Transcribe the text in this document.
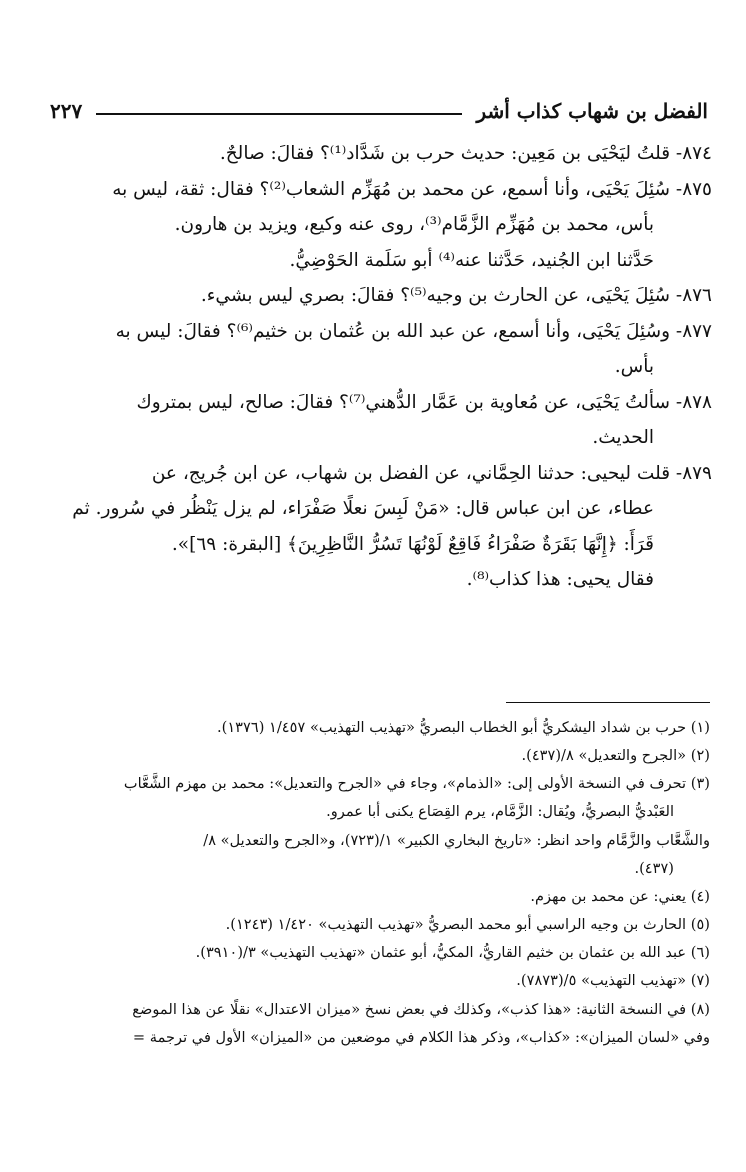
الفضل بن شهاب كذاب أشر
٢٢٧
٨٧٤- قلتُ ليَحْيَى بن مَعِين: حديث حرب بن شَدَّاد⁽¹⁾؟ فقالَ: صالحٌ.
٨٧٥- سُئِلَ يَحْيَى، وأنا أسمع، عن محمد بن مُهَزِّم الشعاب⁽²⁾؟ فقال: ثقة، ليس به
بأس، محمد بن مُهَزِّم الزَّمَّام⁽³⁾، روى عنه وكيع، ويزيد بن هارون.
حَدَّثنا ابن الجُنيد، حَدَّثنا عنه⁽⁴⁾ أبو سَلَمة الحَوْضِيُّ.
٨٧٦- سُئِلَ يَحْيَى، عن الحارث بن وجيه⁽⁵⁾؟ فقالَ: بصري ليس بشيء.
٨٧٧- وسُئِلَ يَحْيَى، وأنا أسمع، عن عبد الله بن عُثمان بن خثيم⁽⁶⁾؟ فقالَ: ليس به
بأس.
٨٧٨- سألتُ يَحْيَى، عن مُعاوية بن عَمَّار الدُّهني⁽⁷⁾؟ فقالَ: صالح، ليس بمتروك
الحديث.
٨٧٩- قلت ليحيى: حدثنا الحِمَّاني، عن الفضل بن شهاب، عن ابن جُريج، عن
عطاء، عن ابن عباس قال: «مَنْ لَبِسَ نعلًا صَفْرَاء، لم يزل يَنْظُر في سُرور. ثم
قَرَأَ: ﴿إِنَّهَا بَقَرَةٌ صَفْرَاءُ فَاقِعٌ لَوْنُهَا تَسُرُّ النَّاظِرِينَ﴾ [البقرة: ٦٩]».
فقال يحيى: هذا كذاب⁽⁸⁾.
(١) حرب بن شداد اليشكريُّ أبو الخطاب البصريُّ «تهذيب التهذيب» ١/٤٥٧ (١٣٧٦).
(٢) «الجرح والتعديل» ٨/(٤٣٧).
(٣) تحرف في النسخة الأولى إلى: «الذمام»، وجاء في «الجرح والتعديل»: محمد بن مهزم الشَّعَّاب
العَبْديُّ البصريُّ، ويُقال: الزَّمَّام، يرم القِصَاع يكنى أبا عمرو.
والشَّعَّاب والزَّمَّام واحد انظر: «تاريخ البخاري الكبير» ١/(٧٢٣)، و«الجرح والتعديل» ٨/
(٤٣٧).
(٤) يعني: عن محمد بن مهزم.
(٥) الحارث بن وجيه الراسبي أبو محمد البصريُّ «تهذيب التهذيب» ١/٤٢٠ (١٢٤٣).
(٦) عبد الله بن عثمان بن خثيم القاريُّ، المكيُّ، أبو عثمان «تهذيب التهذيب» ٣/(٣٩١٠).
(٧) «تهذيب التهذيب» ٥/(٧٨٧٣).
(٨) في النسخة الثانية: «هذا كذب»، وكذلك في بعض نسخ «ميزان الاعتدال» نقلًا عن هذا الموضع
وفي «لسان الميزان»: «كذاب»، وذكر هذا الكلام في موضعين من «الميزان» الأول في ترجمة =
